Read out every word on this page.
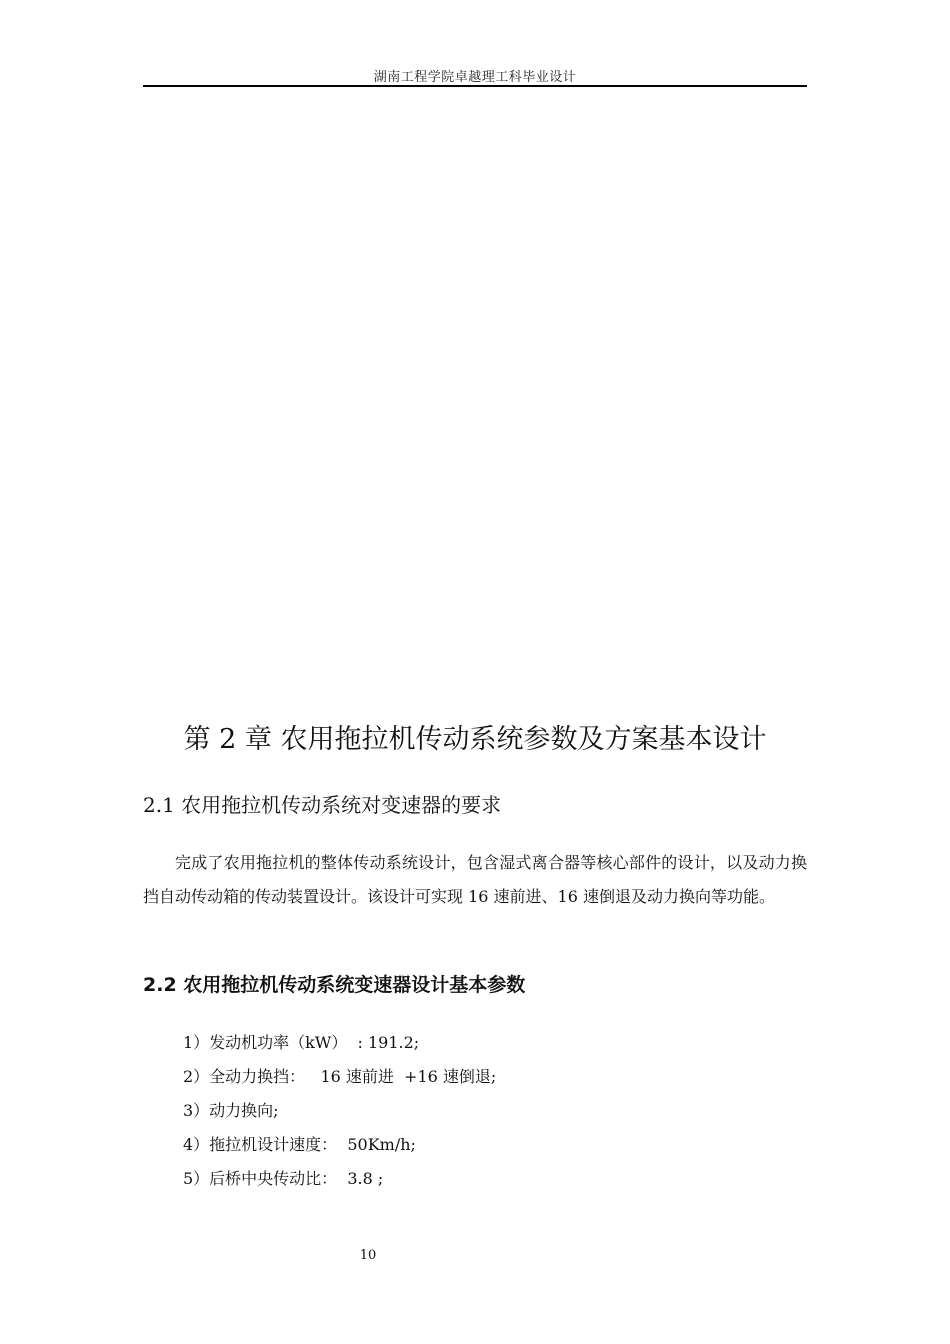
湖南工程学院卓越理工科毕业设计
第 2 章 农用拖拉机传动系统参数及方案基本设计
2.1 农用拖拉机传动系统对变速器的要求

完成了农用拖拉机的整体传动系统设计，包含湿式离合器等核心部件的设计，以及动力换挡自动传动箱的传动装置设计。该设计可实现 16 速前进、16 速倒退及动力换向等功能。

2.2 农用拖拉机传动系统变速器设计基本参数
1）发动机功率（kW）  : 191.2;
2）全动力换挡：   16 速前进  +16 速倒退;
3）动力换向;
4）拖拉机设计速度：  50Km/h;
5）后桥中央传动比：  3.8 ;
10
